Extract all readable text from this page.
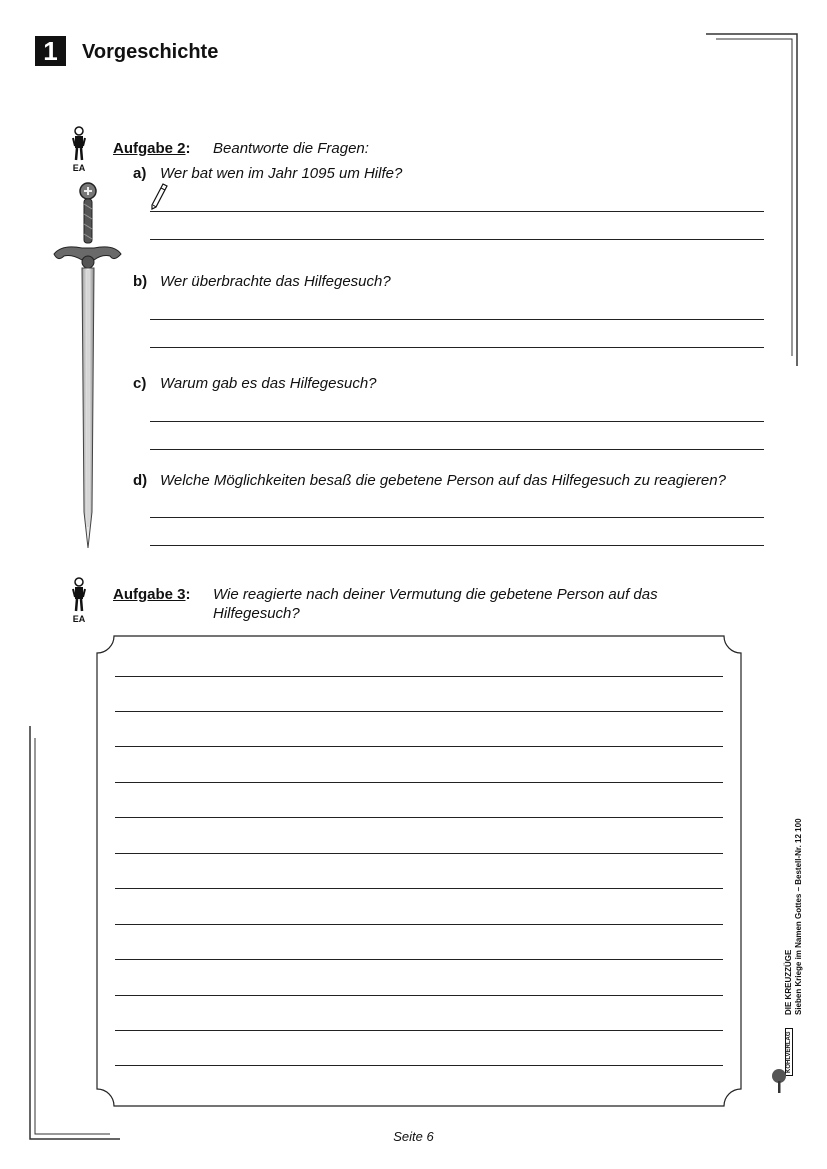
1	Vorgeschichte
EA
Aufgabe 2: Beantworte die Fragen:
a) Wer bat wen im Jahr 1095 um Hilfe?
b) Wer überbrachte das Hilfegesuch?
c) Warum gab es das Hilfegesuch?
d) Welche Möglichkeiten besaß die gebetene Person auf das Hilfegesuch zu reagieren?
EA
Aufgabe 3: Wie reagierte nach deiner Vermutung die gebetene Person auf das
Hilfegesuch?
DIE KREUZZÜGE Sieben Kriege im Namen Gottes – Bestell-Nr. 12 100
KOHLVERLAG
Seite 6
